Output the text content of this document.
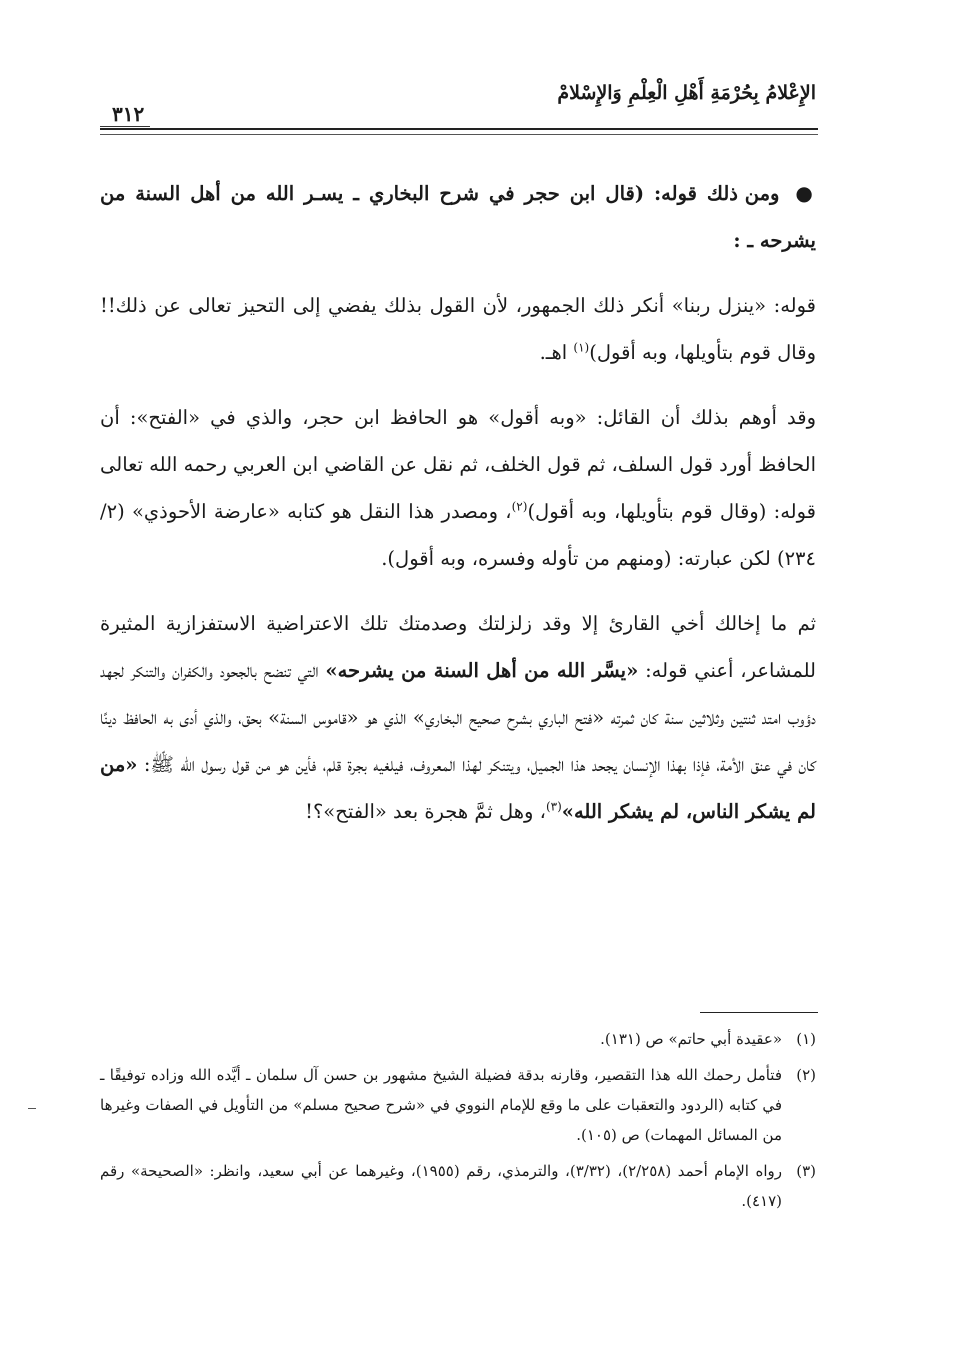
الإِعْلامُ بِحُرْمَةِ أَهْلِ الْعِلْمِ وَالإِسْلامْ
٣١٢

● ومن ذلك قوله: (قال ابن حجر في شرح البخاري ـ يسـر الله من أهل السنة من يشرحه ـ :

قوله: «ينزل ربنا» أنكر ذلك الجمهور، لأن القول بذلك يفضي إلى التحيز تعالى عن ذلك!! وقال قوم بتأويلها، وبه أقول)$^{(١)}$ اهـ.

وقد أوهم بذلك أن القائل: «وبه أقول» هو الحافظ ابن حجر، والذي في «الفتح»: أن الحافظ أورد قول السلف، ثم قول الخلف، ثم نقل عن القاضي ابن العربي رحمه الله تعالى قوله: (وقال قوم بتأويلها، وبه أقول)$^{(٢)}$، ومصدر هذا النقل هو كتابه «عارضة الأحوذي» (٢/ ٢٣٤) لكن عبارته: (ومنهم من تأوله وفسره، وبه أقول).

ثم ما إخالك أخي القارئ إلا وقد زلزلتك وصدمتك تلك الاعتراضية الاستفزازية المثيرة للمشاعر، أعني قوله: «يسَّر الله من أهل السنة من يشرحه» التي تنضح بالجحود والكفران والتنكر لجهد دؤوب امتد ثنتين وثلاثين سنة كان ثمرته «فتح الباري بشرح صحيح البخاري» الذي هو «قاموس السنة» بحق، والذي أدى به الحافظ دينًا كان في عنق الأمة، فإذا بهذا الإنسان يجحد هذا الجميل، ويتنكر لهذا المعروف، فيلغيه بجرة قلم، فأين هو من قول رسول الله ﷺ: «من لم يشكر الناس، لم يشكر الله»$^{(٣)}$، وهل ثمَّ هجرة بعد «الفتح»؟!

(١)
«عقيدة أبي حاتم» ص (١٣١).
(٢)
فتأمل رحمك الله هذا التقصير، وقارنه بدقة فضيلة الشيخ مشهور بن حسن آل سلمان ـ أيَّده الله وزاده توفيقًا ـ في كتابه (الردود والتعقبات على ما وقع للإمام النووي في «شرح صحيح مسلم» من التأويل في الصفات وغيرها من المسائل المهمات) ص (١٠٥).
(٣)
رواه الإمام أحمد (٢/٢٥٨)، (٣/٣٢)، والترمذي، رقم (١٩٥٥)، وغيرهما عن أبي سعيد، وانظر: «الصحيحة» رقم (٤١٧).
